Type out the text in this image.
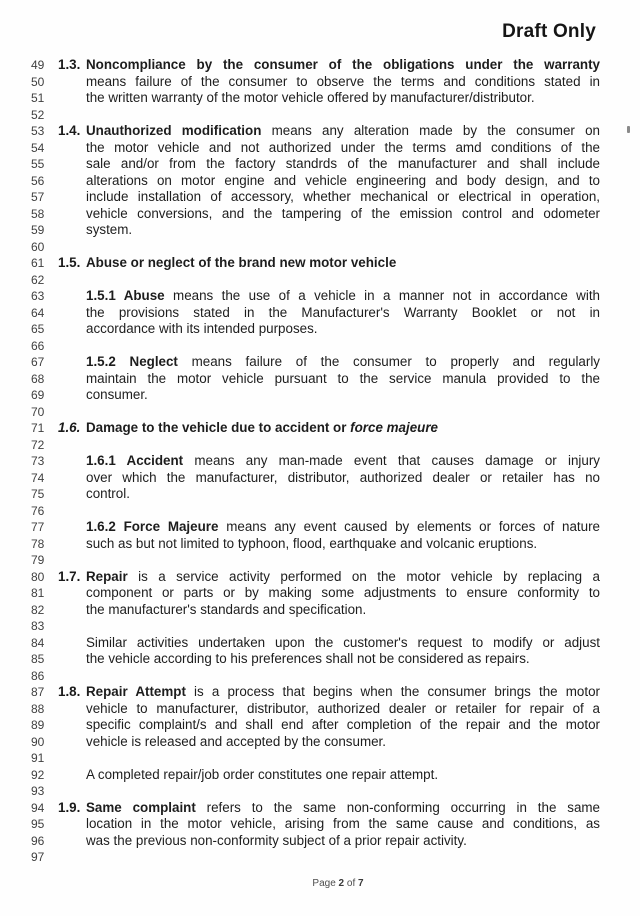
Draft Only
49 1.3. Noncompliance by the consumer of the obligations under the warranty
50	means failure of the consumer to observe the terms and conditions stated in
51	the written warranty of the motor vehicle offered by manufacturer/distributor.
52
53 1.4. Unauthorized modification means any alteration made by the consumer on
54	the motor vehicle and not authorized under the terms amd conditions of the
55	sale and/or from the factory standrds of the manufacturer and shall include
56	alterations on motor engine and vehicle engineering and body design, and to
57	include installation of accessory, whether mechanical or electrical in operation,
58	vehicle conversions, and the tampering of the emission control and odometer
59	system.
60
61 1.5. Abuse or neglect of the brand new motor vehicle
62
63	1.5.1 Abuse means the use of a vehicle in a manner not in accordance with
64	the provisions stated in the Manufacturer's Warranty Booklet or not in
65	accordance with its intended purposes.
66
67	1.5.2 Neglect means failure of the consumer to properly and regularly
68	maintain the motor vehicle pursuant to the service manula provided to the
69	consumer.
70
71 1.6. Damage to the vehicle due to accident or force majeure
72
73	1.6.1 Accident means any man-made event that causes damage or injury
74	over which the manufacturer, distributor, authorized dealer or retailer has no
75	control.
76
77	1.6.2 Force Majeure means any event caused by elements or forces of nature
78	such as but not limited to typhoon, flood, earthquake and volcanic eruptions.
79
80 1.7. Repair is a service activity performed on the motor vehicle by replacing a
81	component or parts or by making some adjustments to ensure conformity to
82	the manufacturer's standards and specification.
83
84	Similar activities undertaken upon the customer's request to modify or adjust
85	the vehicle according to his preferences shall not be considered as repairs.
86
87 1.8. Repair Attempt is a process that begins when the consumer brings the motor
88	vehicle to manufacturer, distributor, authorized dealer or retailer for repair of a
89	specific complaint/s and shall end after completion of the repair and the motor
90	vehicle is released and accepted by the consumer.
91
92	A completed repair/job order constitutes one repair attempt.
93
94 1.9. Same complaint refers to the same non-conforming occurring in the same
95	location in the motor vehicle, arising from the same cause and conditions, as
96	was the previous non-conformity subject of a prior repair activity.
97
Page 2 of 7
